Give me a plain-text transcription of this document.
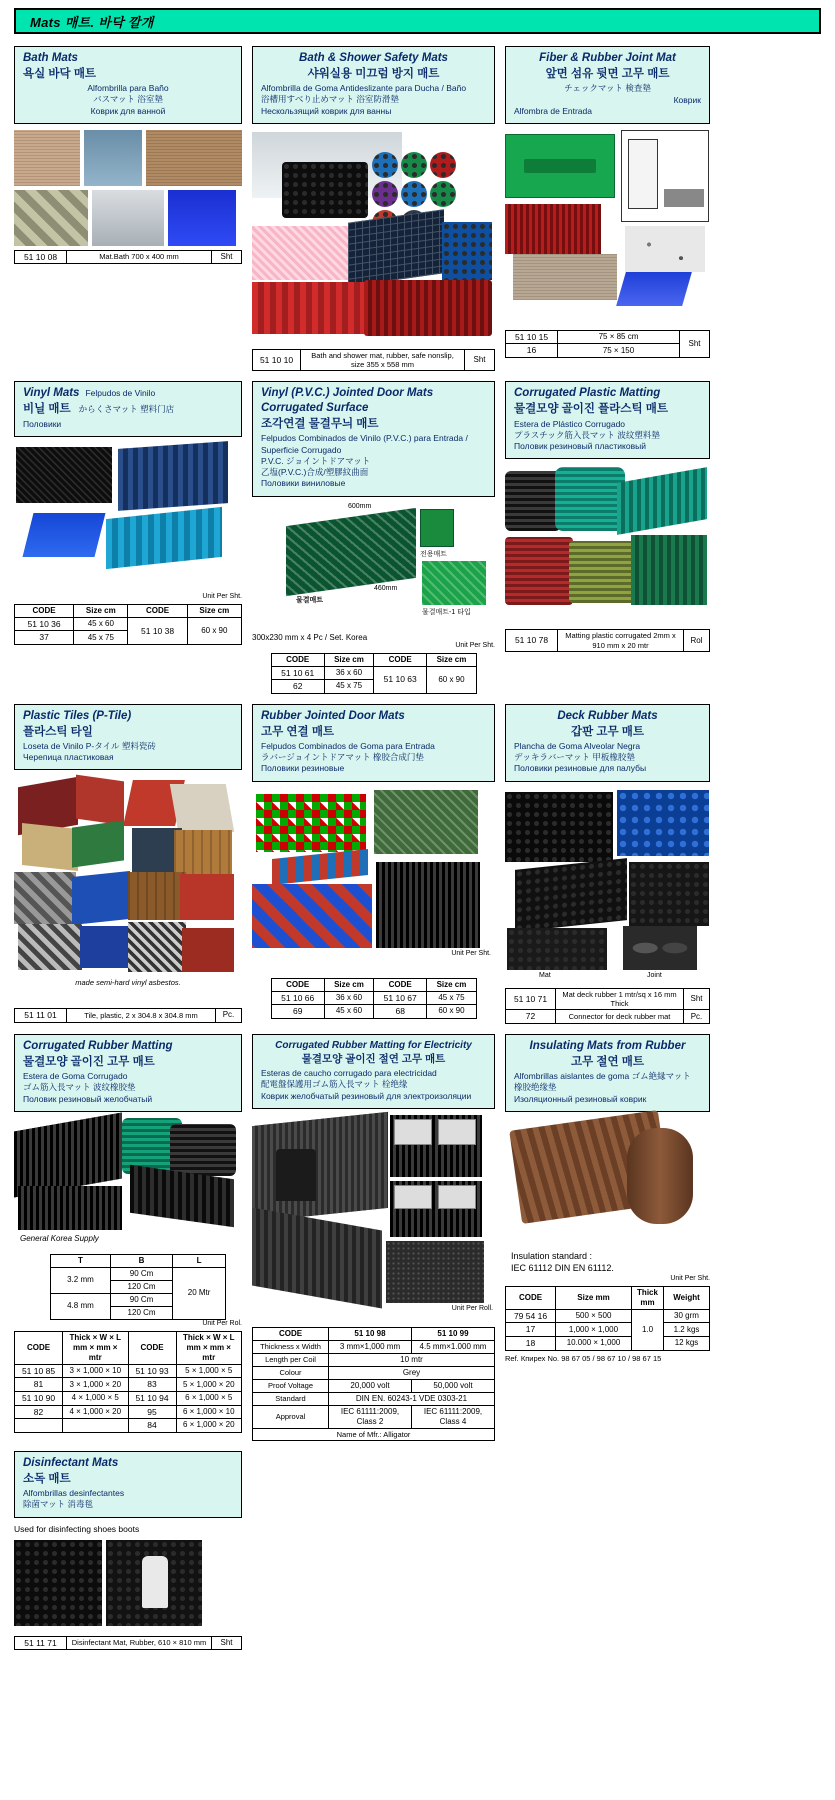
Mats 매트. 바닥 깔개
Bath Mats
욕실 바닥 매트
Alfombrilla para Baño
バスマット 浴室墊
Коврик для ванной
51 10 08	Mat.Bath 700 x 400 mm	Sht
Bath & Shower Safety Mats
샤워실용 미끄럼 방지 매트
Alfombrilla de Goma Antideslizante para Ducha / Baño
浴槽用すべり止めマット 浴室防滑墊
Нескользящий коврик для ванны
51 10 10	Bath and shower mat, rubber, safe nonslip, size 355 x 558 mm	Sht
Fiber & Rubber Joint Mat
앞면 섬유 뒷면 고무 매트
チェックマット 検査墊
Коврик
Alfombra de Entrada
51 10 15	75 × 85 cm	Sht
16	75 × 150	
Vinyl Mats Felpudos de Vinilo
비닐 매트 からくさマット 塑料门店
Половики
Unit Per Sht.
CODE	Size cm	CODE	Size cm
51 10 36	45 x 60	51 10 38	60 x 90
37	45 x 75		
Vinyl (P.V.C.) Jointed Door Mats
Corrugated Surface
조각연결 물결무늬 매트
Felpudos Combinados de Vinilo (P.V.C.) para Entrada / Superficie Corrugado
P.V.C. ジョイントドアマット
乙塩(P.V.C.)合成/塑膠紋曲面
Половики виниловые
600mm
물결매트
460mm
전용매트
물결매트-1 타입
300x230 mm x 4 Pc / Set. Korea
Unit Per Sht.
CODE	Size cm	CODE	Size cm
51 10 61	36 x 60	51 10 63	60 x 90
62	45 x 75		
Corrugated Plastic Matting
물결모양 골이진 플라스틱 매트
Estera de Plástico Corrugado
プラスチック筋入長マット 波纹塑料墊
Половик резиновый пластиковый
51 10 78	Matting plastic corrugated 2mm x 910 mm x 20 mtr	Rol
Plastic Tiles (P-Tile)
플라스틱 타일
Loseta de Vinilo P-タイル 塑料瓷砖
Черепица пластиковая
made semi-hard vinyl asbestos.
51 11 01	Tile, plastic, 2 x 304.8 x 304.8 mm	Pc.
Rubber Jointed Door Mats
고무 연결 매트
Felpudos Combinados de Goma para Entrada
ラバージョイントドアマット 橡胶合成门垫
Половики резиновые
Unit Per Sht.
CODE	Size cm	CODE	Size cm
51 10 66	36 x 60	51 10 67	45 x 75
69	45 x 60	68	60 x 90
Deck Rubber Mats
갑판 고무 매트
Plancha de Goma Alveolar Negra
デッキラバーマット 甲板橡胶墊
Половики резиновые для палубы
Mat	Joint
51 10 71	Mat deck rubber 1 mtr/sq x 16 mm Thick	Sht
72	Connector for deck rubber mat	Pc.
Corrugated Rubber Matting
물결모양 골이진 고무 매트
Estera de Goma Corrugado
ゴム筋入長マット 波纹橡胶垫
Половик резиновый желобчатый
General Korea Supply
T	B	L
3.2 mm	90 Cm	20 Mtr
	120 Cm	
4.8 mm	90 Cm	
	120 Cm	
Unit Per Rol.
CODE	Thick × W × L mm × mm × mtr	CODE	Thick × W × L mm × mm × mtr
51 10 85	3 × 1,000 × 10	51 10 93	5 × 1,000 × 5
81	3 × 1,000 × 20	83	5 × 1,000 × 20
51 10 90	4 × 1,000 × 5	51 10 94	6 × 1,000 × 5
82	4 × 1,000 × 20	95	6 × 1,000 × 10
		84	6 × 1,000 × 20
Corrugated Rubber Matting for Electricity
물결모양 골이진 절연 고무 매트
Esteras de caucho corrugado para electricidad
配電盤保護用ゴム筋入長マット 栓绝缘
Коврик желобчатый резиновый для электроизоляции
Unit Per Roll.
CODE	51 10 98	51 10 99
Thickness x Width	3 mm×1,000 mm	4.5 mm×1.000 mm
Length per Coil	10 mtr	
Colour	Grey	
Proof Voltage	20,000 volt	50,000 volt
Standard	DIN EN. 60243-1 VDE 0303-21	
Approval	IEC 61111:2009, Class 2	IEC 61111:2009, Class 4
Name of Mfr.: Alligator		
Insulating Mats from Rubber
고무 절연 매트
Alfombrillas aislantes de goma ゴム絶縁マット
橡胶绝缘垫
Изоляционный резиновый коврик
Insulation standard :
IEC 61112 DIN EN 61112.
Unit Per Sht.
CODE	Size mm	Thick mm	Weight
79 54 16	500 × 500	1.0	30 grm
17	1,000 × 1,000		1.2 kgs
18	10.000 × 1,000		12 kgs
Ref. Кпирех No. 98 67 05 / 98 67 10 / 98 67 15
Disinfectant Mats
소독 매트
Alfombrillas desinfectantes
除菌マット 消毒毯
Used for disinfecting shoes boots
51 11 71	Disinfectant Mat, Rubber, 610 × 810 mm	Sht
